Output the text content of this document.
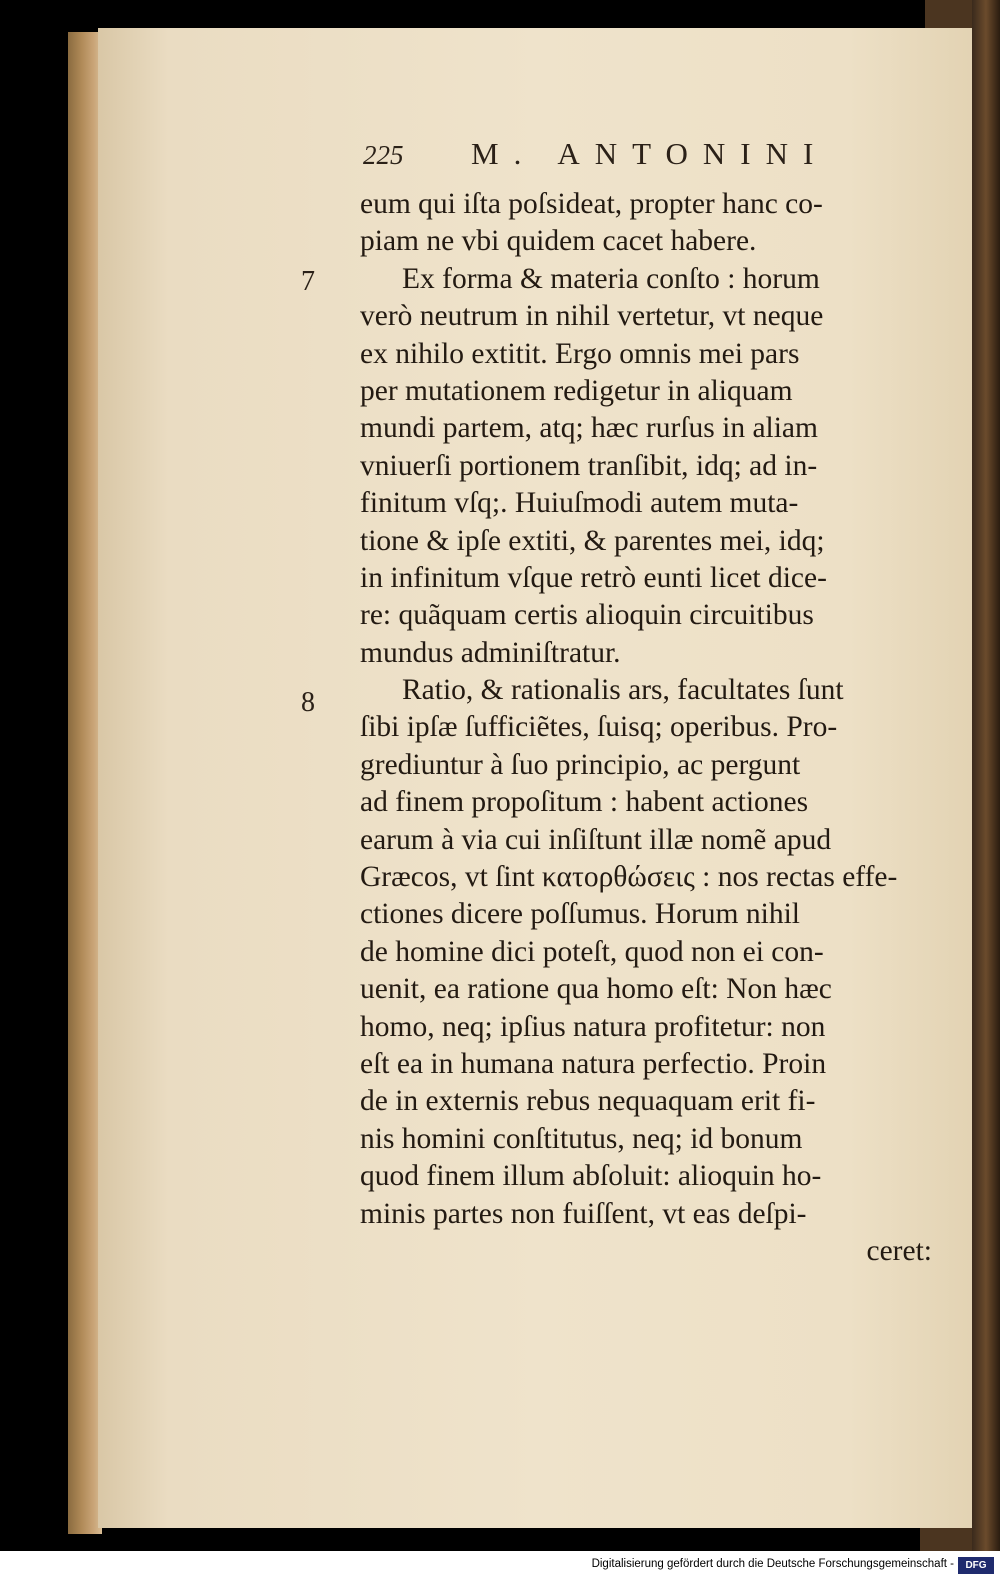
225 M. ANTONINI
7
8
eum qui iſta poſsideat, propter hanc co-
piam ne vbi quidem cacet habere.
Ex forma & materia conſto : horum
verò neutrum in nihil vertetur, vt neque
ex nihilo extitit. Ergo omnis mei pars
per mutationem redigetur in aliquam
mundi partem, atq; hæc rurſus in aliam
vniuerſi portionem tranſibit, idq; ad in-
finitum vſq;. Huiuſmodi autem muta-
tione & ipſe extiti, & parentes mei, idq;
in infinitum vſque retrò eunti licet dice-
re: quãquam certis alioquin circuitibus
mundus adminiſtratur.
Ratio, & rationalis ars, facultates ſunt
ſibi ipſæ ſufficiẽtes, ſuisq; operibus. Pro-
grediuntur à ſuo principio, ac pergunt
ad finem propoſitum : habent actiones
earum à via cui inſiſtunt illæ nomẽ apud
Græcos, vt ſint κατορθώσεις : nos rectas effe-
ctiones dicere poſſumus. Horum nihil
de homine dici poteſt, quod non ei con-
uenit, ea ratione qua homo eſt: Non hæc
homo, neq; ipſius natura profitetur: non
eſt ea in humana natura perfectio. Proin
de in externis rebus nequaquam erit fi-
nis homini conſtitutus, neq; id bonum
quod finem illum abſoluit: alioquin ho-
minis partes non fuiſſent, vt eas deſpi-
ceret:
Digitalisierung gefördert durch die Deutsche Forschungsgemeinschaft -	DFG
